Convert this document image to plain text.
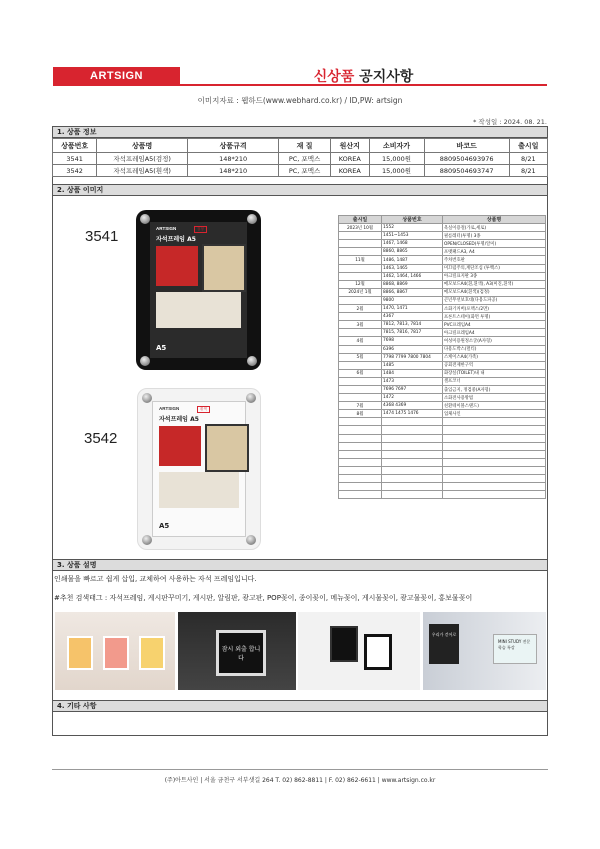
ARTSIGN	신상품 공지사항
이미지자료 : 웹하드(www.webhard.co.kr) / ID,PW: artsign
* 작성일 : 2024. 08. 21.
1. 상품 정보
상품번호	상품명	상품규격	재 질	원산지	소비자가	바코드	출시일
3541	자석프레임A5(검정)	148*210	PC, 포맥스	KOREA	15,000원	8809504693976	8/21
3542	자석프레임A5(흰색)	148*210	PC, 포맥스	KOREA	15,000원	8809504693747	8/21
2. 상품 이미지
3541
3542
ARTSIGN	검정
자석프레임 A5
A5
ARTSIGN	흰색
자석프레임 A5
A5
출시일	상품번호	상품명
2023년 10월	1552	욕실이용절(가로,세로)
	1451~1453	필름레터(투명) 3종
	1467, 1468	OPEN/CLOSED(투명/알미)
	8860, 8865	포맷패드A3, A4
11월	1486, 1487	주차번호판
	1463, 1465	미끄럼주의,계단조심 (투백스)
	1462, 1464, 1466	아크릴표지판 3종
12월	8868, 8869	메모보드A4(흰,흰색), A3(미진,흰색)
2024년 1월	8866, 8867	메모보드A4(흰색)(검정)
	9800	곤년무선보호대(다용도파공)
2월	1470, 1471	소화기커버(포맥스/2면)
	4367	프론트스테이(화면 투명)
3월	7812, 7813, 7814	PVC프레임A4
	7815, 7816, 7817	아크릴프레임A4
4월	7698	여성미용원정소굴(A자형)
	6396	다용도박스(멀티)
5월	7798 7799 7800 7804	스케이스A4(가족)
	1485	공회전제한구역
6월	1484	화장실(TOILET)내 내
	1473	셀프코너
	7696 7697	출입금지, 정검중(A자형)
	1472	소화전사용방법
7월	4368 4369	친환테이블스탠드)
8월	1474 1475 1476	업체사인

3. 상품 설명
인쇄물을 빠르고 쉽게 삽입, 교체하여 사용하는 자석 프레임입니다.
#추천 검색태그 : 자석프레임, 게시판꾸미기, 게시판, 알림판, 광고판, POP꽂이, 종이꽂이, 메뉴꽂이, 게시물꽂이, 광고물꽂이, 홍보물꽂이
잠시 외출 합니다
우리가 걷어로
MINI STUDY 전문 학습 특강
4. 기타 사항
(주)아트사인 | 서울 금천구 서부샛길 264 T. 02) 862-8811 | F. 02) 862-6611 | www.artsign.co.kr
